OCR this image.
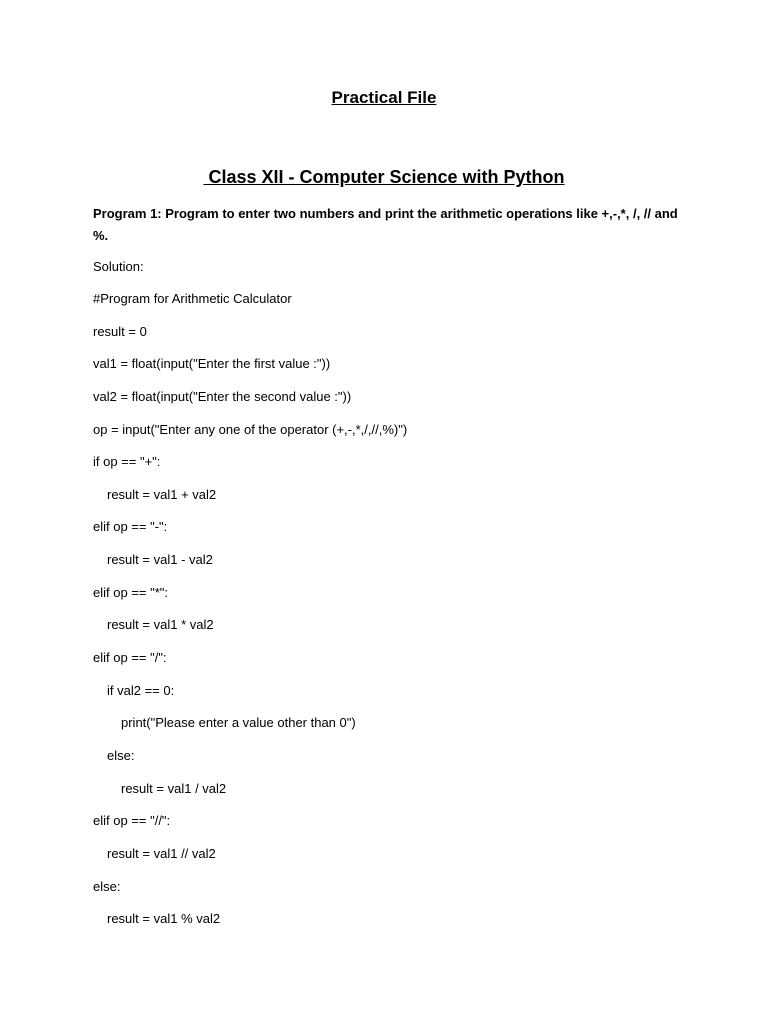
Practical File
Class XII - Computer Science with Python
Program 1: Program to enter two numbers and print the arithmetic operations like +,-,*, /, // and %.
Solution:
#Program for Arithmetic Calculator
result = 0
val1 = float(input("Enter the first value :"))
val2 = float(input("Enter the second value :"))
op = input("Enter any one of the operator (+,-,*,/,//,%)")
if op == "+":
result = val1 + val2
elif op == "-":
result = val1 - val2
elif op == "*":
result = val1 * val2
elif op == "/":
if val2 == 0:
print("Please enter a value other than 0")
else:
result = val1 / val2
elif op == "//":
result = val1 // val2
else:
result = val1 % val2
